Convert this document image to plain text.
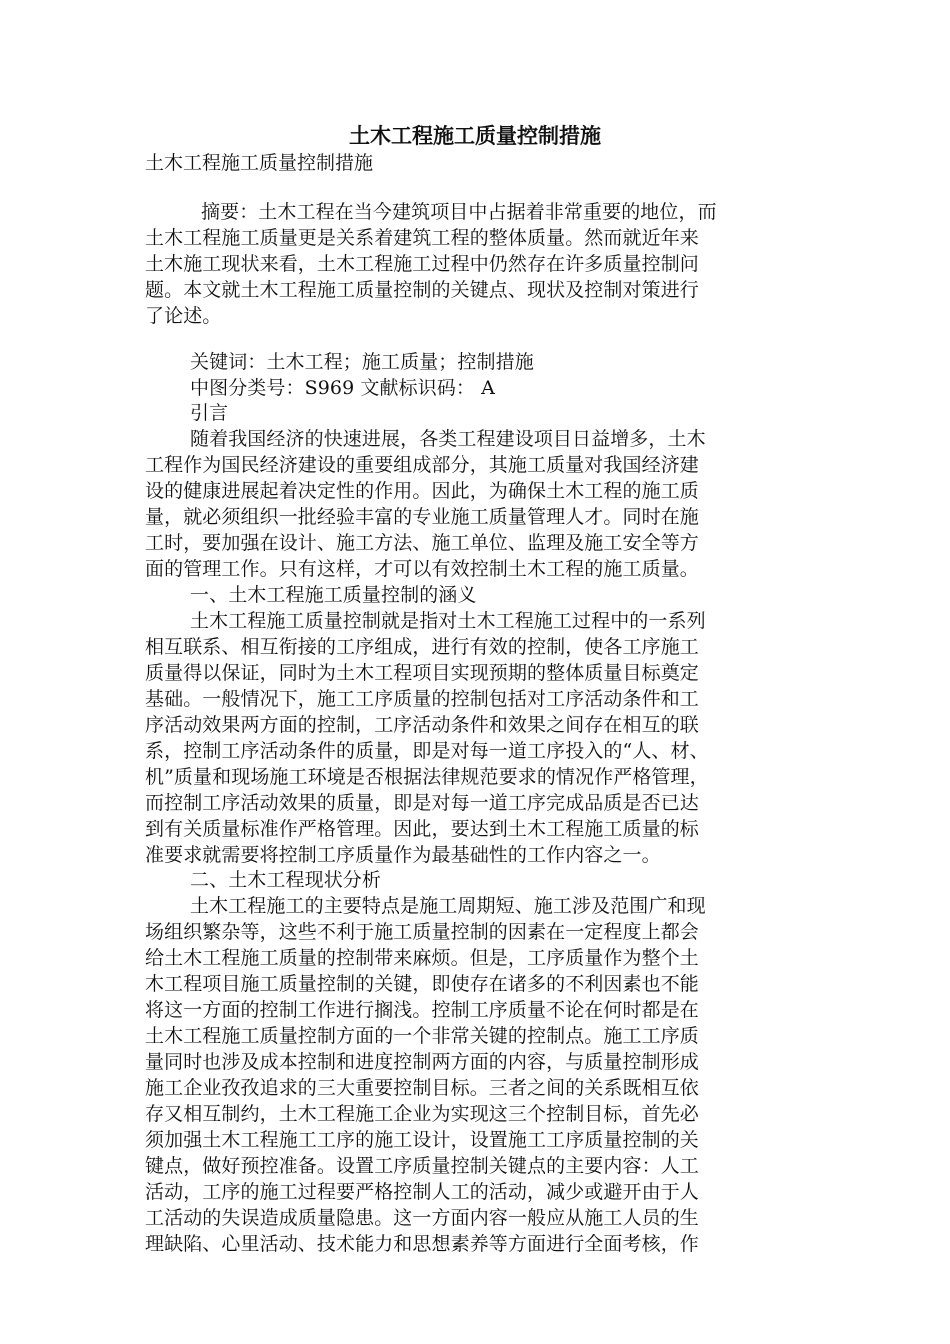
土木工程施工质量控制措施

土木工程施工质量控制措施

摘要：土木工程在当今建筑项目中占据着非常重要的地位，而

土木工程施工质量更是关系着建筑工程的整体质量。然而就近年来

土木施工现状来看，土木工程施工过程中仍然存在许多质量控制问

题。本文就土木工程施工质量控制的关键点、现状及控制对策进行

了论述。

关键词：土木工程；施工质量；控制措施

中图分类号：S969 文献标识码： A

引言

随着我国经济的快速进展，各类工程建设项目日益增多，土木

工程作为国民经济建设的重要组成部分，其施工质量对我国经济建

设的健康进展起着决定性的作用。因此，为确保土木工程的施工质

量，就必须组织一批经验丰富的专业施工质量管理人才。同时在施

工时，要加强在设计、施工方法、施工单位、监理及施工安全等方

面的管理工作。只有这样，才可以有效控制土木工程的施工质量。

一、土木工程施工质量控制的涵义

土木工程施工质量控制就是指对土木工程施工过程中的一系列

相互联系、相互衔接的工序组成，进行有效的控制，使各工序施工

质量得以保证，同时为土木工程项目实现预期的整体质量目标奠定

基础。一般情况下，施工工序质量的控制包括对工序活动条件和工

序活动效果两方面的控制，工序活动条件和效果之间存在相互的联

系，控制工序活动条件的质量，即是对每一道工序投入的“人、材、

机”质量和现场施工环境是否根据法律规范要求的情况作严格管理，

而控制工序活动效果的质量，即是对每一道工序完成品质是否已达

到有关质量标准作严格管理。因此，要达到土木工程施工质量的标

准要求就需要将控制工序质量作为最基础性的工作内容之一。

二、土木工程现状分析

土木工程施工的主要特点是施工周期短、施工涉及范围广和现

场组织繁杂等，这些不利于施工质量控制的因素在一定程度上都会

给土木工程施工质量的控制带来麻烦。但是，工序质量作为整个土

木工程项目施工质量控制的关键，即使存在诸多的不利因素也不能

将这一方面的控制工作进行搁浅。控制工序质量不论在何时都是在

土木工程施工质量控制方面的一个非常关键的控制点。施工工序质

量同时也涉及成本控制和进度控制两方面的内容，与质量控制形成

施工企业孜孜追求的三大重要控制目标。三者之间的关系既相互依

存又相互制约，土木工程施工企业为实现这三个控制目标，首先必

须加强土木工程施工工序的施工设计，设置施工工序质量控制的关

键点，做好预控准备。设置工序质量控制关键点的主要内容：人工

活动，工序的施工过程要严格控制人工的活动，减少或避开由于人

工活动的失误造成质量隐患。这一方面内容一般应从施工人员的生

理缺陷、心里活动、技术能力和思想素养等方面进行全面考核，作
